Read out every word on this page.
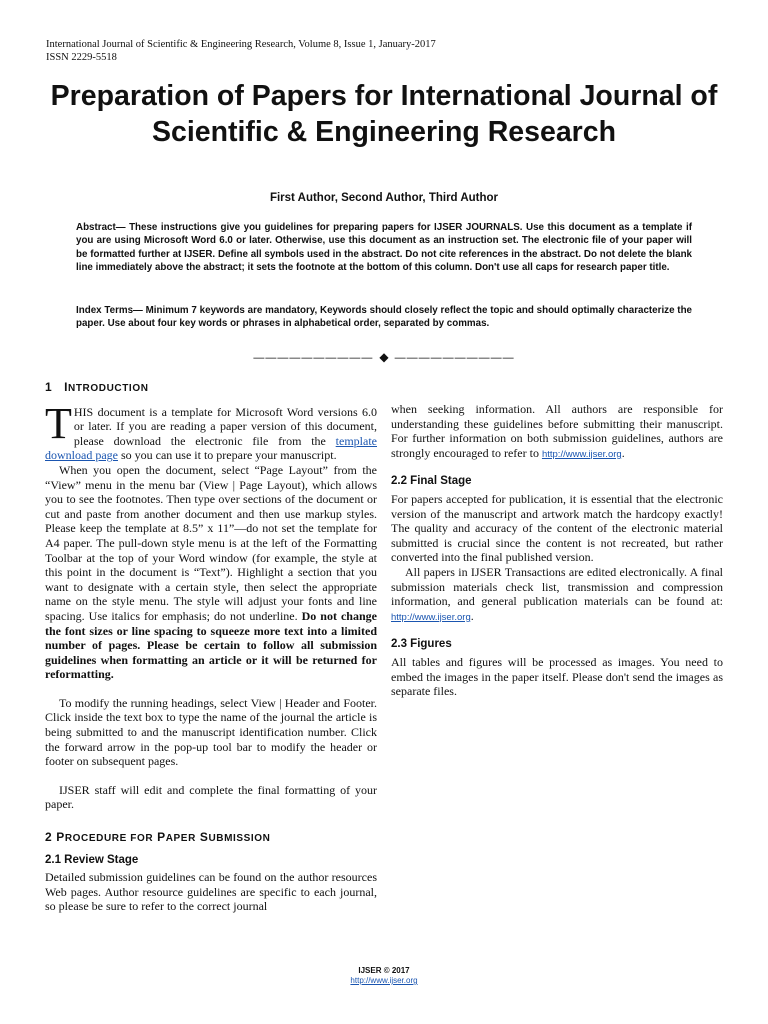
International Journal of Scientific & Engineering Research, Volume 8, Issue 1, January-2017
ISSN 2229-5518
Preparation of Papers for International Journal of Scientific & Engineering Research
First Author, Second Author, Third Author

Abstract— These instructions give you guidelines for preparing papers for IJSER JOURNALS. Use this document as a template if you are using Microsoft Word 6.0 or later. Otherwise, use this document as an instruction set. The electronic file of your paper will be formatted further at IJSER. Define all symbols used in the abstract. Do not cite references in the abstract. Do not delete the blank line immediately above the abstract; it sets the footnote at the bottom of this column. Don't use all caps for research paper title.

Index Terms— Minimum 7 keywords are mandatory, Keywords should closely reflect the topic and should optimally characterize the paper. Use about four key words or phrases in alphabetical order, separated by commas.

—————————— ◆ ——————————
1 INTRODUCTION

THIS document is a template for Microsoft Word versions 6.0 or later. If you are reading a paper version of this document, please download the electronic file from the template download page so you can use it to prepare your manuscript.

When you open the document, select “Page Layout” from the “View” menu in the menu bar (View | Page Layout), which allows you to see the footnotes. Then type over sections of the document or cut and paste from another document and then use markup styles. Please keep the template at 8.5” x 11”—do not set the template for A4 paper. The pull-down style menu is at the left of the Formatting Toolbar at the top of your Word window (for example, the style at this point in the document is “Text”). Highlight a section that you want to designate with a certain style, then select the appropriate name on the style menu. The style will adjust your fonts and line spacing. Use italics for emphasis; do not underline. Do not change the font sizes or line spacing to squeeze more text into a limited number of pages. Please be certain to follow all submission guidelines when formatting an article or it will be returned for reformatting.

To modify the running headings, select View | Header and Footer. Click inside the text box to type the name of the journal the article is being submitted to and the manuscript identification number. Click the forward arrow in the pop-up tool bar to modify the header or footer on subsequent pages.

IJSER staff will edit and complete the final formatting of your paper.

2 PROCEDURE FOR PAPER SUBMISSION
2.1 Review Stage

Detailed submission guidelines can be found on the author resources Web pages. Author resource guidelines are specific to each journal, so please be sure to refer to the correct journal

when seeking information. All authors are responsible for understanding these guidelines before submitting their manuscript. For further information on both submission guidelines, authors are strongly encouraged to refer to http://www.ijser.org.

2.2 Final Stage

For papers accepted for publication, it is essential that the electronic version of the manuscript and artwork match the hardcopy exactly! The quality and accuracy of the content of the electronic material submitted is crucial since the content is not recreated, but rather converted into the final published version.

All papers in IJSER Transactions are edited electronically. A final submission materials check list, transmission and compression information, and general publication materials can be found at: http://www.ijser.org.

2.3 Figures

All tables and figures will be processed as images. You need to embed the images in the paper itself. Please don't send the images as separate files.

IJSER © 2017
http://www.ijser.org
